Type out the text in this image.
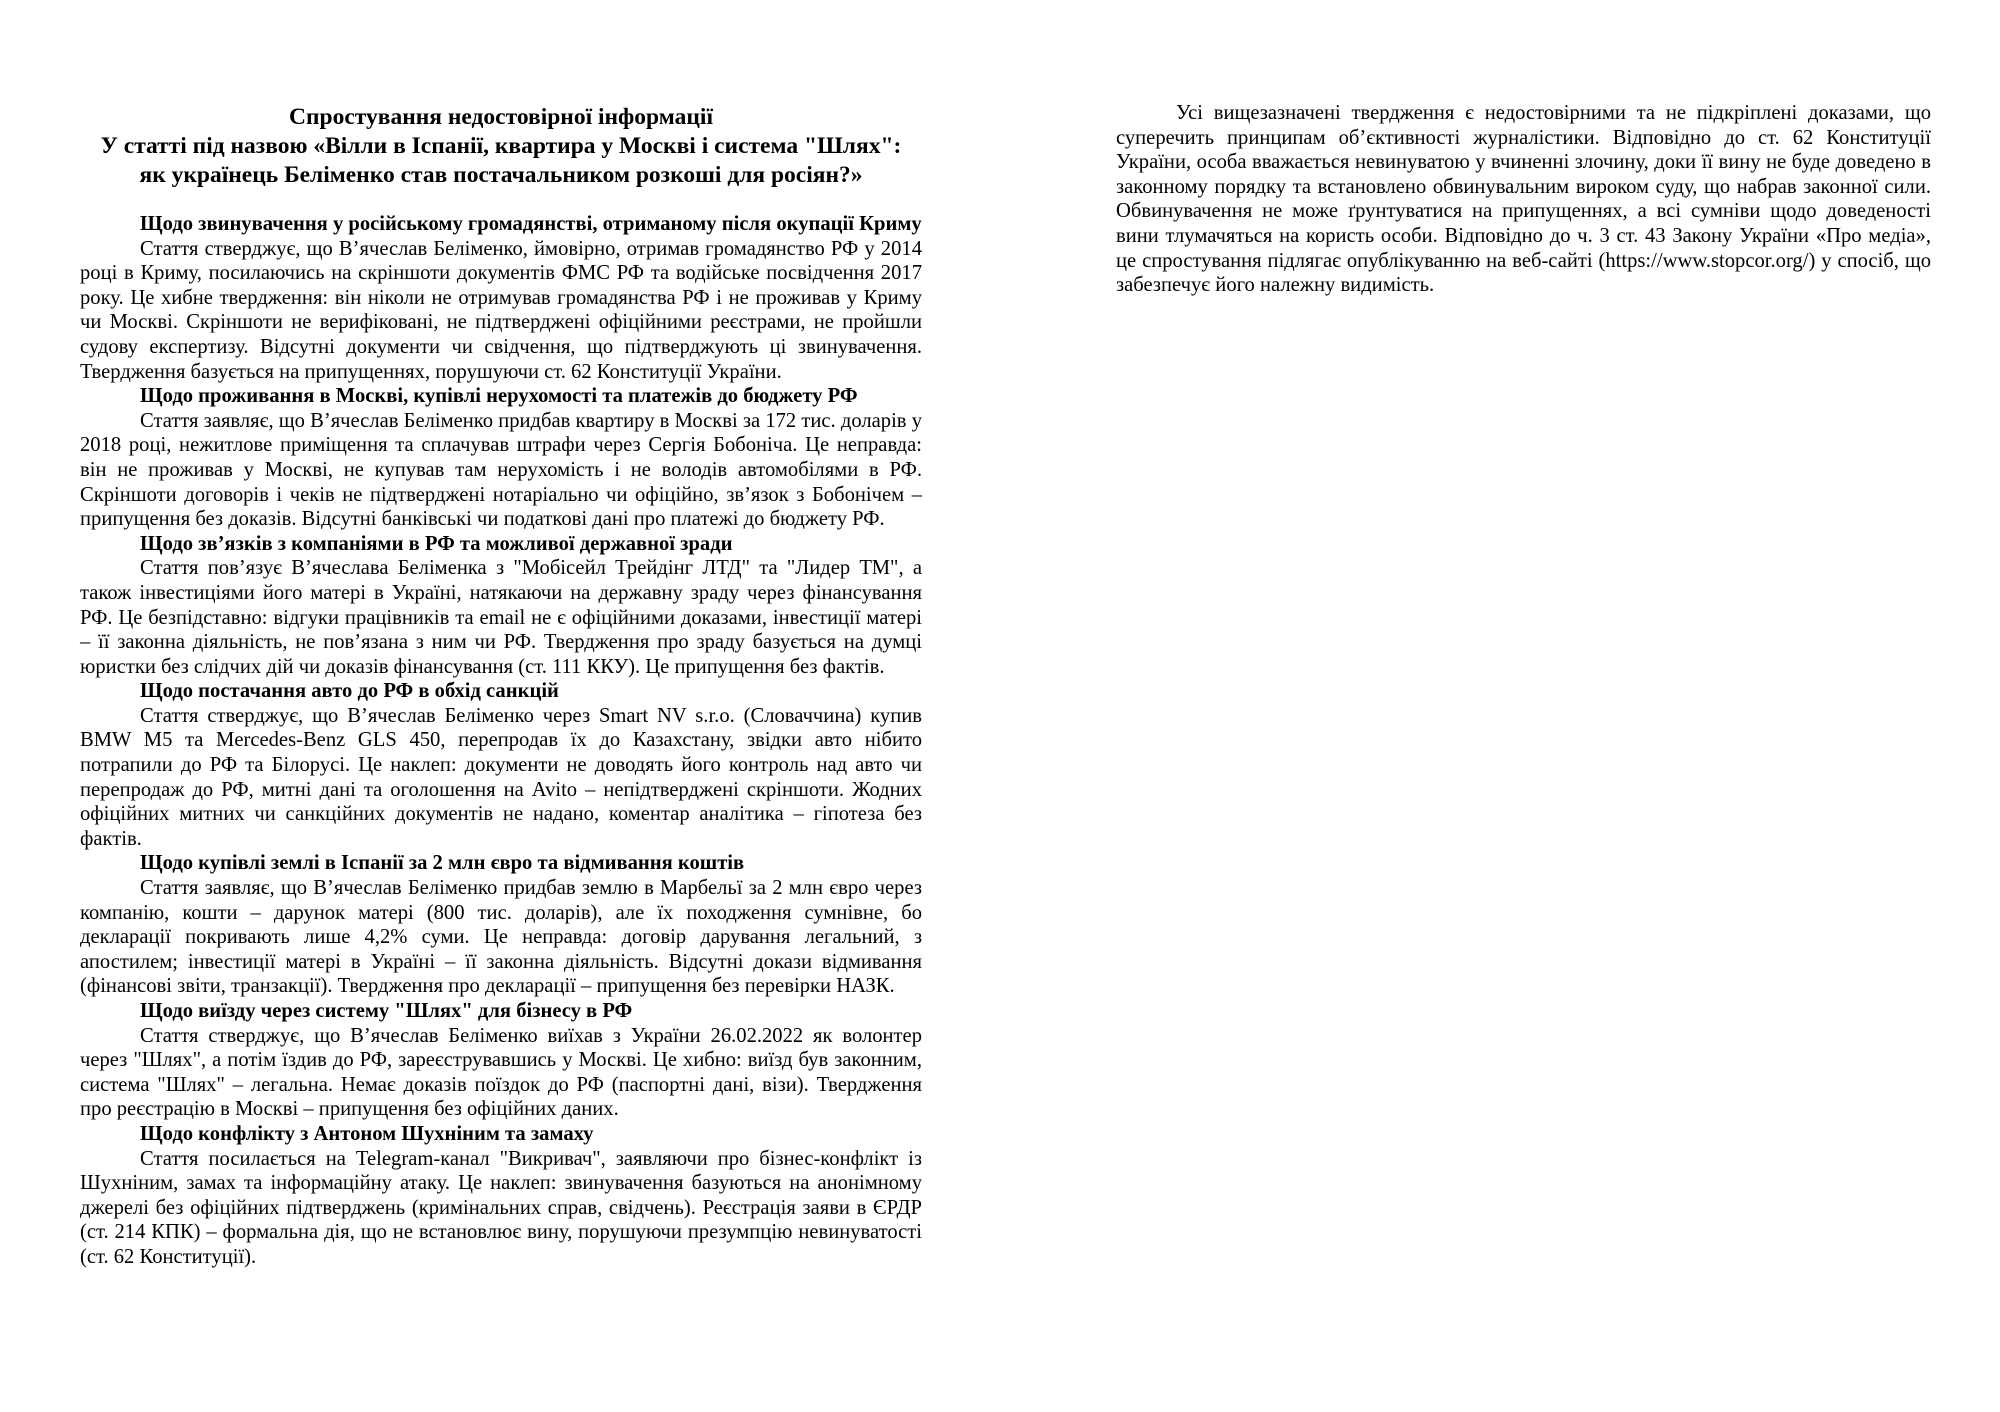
Спростування недостовірної інформації
У статті під назвою «Вілли в Іспанії, квартира у Москві і система "Шлях":
як українець Беліменко став постачальником розкоші для росіян?»
Щодо звинувачення у російському громадянстві, отриманому після окупації Криму

Стаття стверджує, що В’ячеслав Беліменко, ймовірно, отримав громадянство РФ у 2014 році в Криму, посилаючись на скріншоти документів ФМС РФ та водійське посвідчення 2017 року. Це хибне твердження: він ніколи не отримував громадянства РФ і не проживав у Криму чи Москві. Скріншоти не верифіковані, не підтверджені офіційними реєстрами, не пройшли судову експертизу. Відсутні документи чи свідчення, що підтверджують ці звинувачення. Твердження базується на припущеннях, порушуючи ст. 62 Конституції України.

Щодо проживання в Москві, купівлі нерухомості та платежів до бюджету РФ

Стаття заявляє, що В’ячеслав Беліменко придбав квартиру в Москві за 172 тис. доларів у 2018 році, нежитлове приміщення та сплачував штрафи через Сергія Бобоніча. Це неправда: він не проживав у Москві, не купував там нерухомість і не володів автомобілями в РФ. Скріншоти договорів і чеків не підтверджені нотаріально чи офіційно, зв’язок з Бобонічем – припущення без доказів. Відсутні банківські чи податкові дані про платежі до бюджету РФ.

Щодо зв’язків з компаніями в РФ та можливої державної зради

Стаття пов’язує В’ячеслава Беліменка з "Мобісейл Трейдінг ЛТД" та "Лидер ТМ", а також інвестиціями його матері в Україні, натякаючи на державну зраду через фінансування РФ. Це безпідставно: відгуки працівників та email не є офіційними доказами, інвестиції матері – її законна діяльність, не пов’язана з ним чи РФ. Твердження про зраду базується на думці юристки без слідчих дій чи доказів фінансування (ст. 111 ККУ). Це припущення без фактів.

Щодо постачання авто до РФ в обхід санкцій

Стаття стверджує, що В’ячеслав Беліменко через Smart NV s.r.o. (Словаччина) купив BMW M5 та Mercedes-Benz GLS 450, перепродав їх до Казахстану, звідки авто нібито потрапили до РФ та Білорусі. Це наклеп: документи не доводять його контроль над авто чи перепродаж до РФ, митні дані та оголошення на Avito – непідтверджені скріншоти. Жодних офіційних митних чи санкційних документів не надано, коментар аналітика – гіпотеза без фактів.

Щодо купівлі землі в Іспанії за 2 млн євро та відмивання коштів

Стаття заявляє, що В’ячеслав Беліменко придбав землю в Марбельї за 2 млн євро через компанію, кошти – дарунок матері (800 тис. доларів), але їх походження сумнівне, бо декларації покривають лише 4,2% суми. Це неправда: договір дарування легальний, з апостилем; інвестиції матері в Україні – її законна діяльність. Відсутні докази відмивання (фінансові звіти, транзакції). Твердження про декларації – припущення без перевірки НАЗК.

Щодо виїзду через систему "Шлях" для бізнесу в РФ

Стаття стверджує, що В’ячеслав Беліменко виїхав з України 26.02.2022 як волонтер через "Шлях", а потім їздив до РФ, зареєструвавшись у Москві. Це хибно: виїзд був законним, система "Шлях" – легальна. Немає доказів поїздок до РФ (паспортні дані, візи). Твердження про реєстрацію в Москві – припущення без офіційних даних.

Щодо конфлікту з Антоном Шухніним та замаху

Стаття посилається на Telegram-канал "Викривач", заявляючи про бізнес-конфлікт із Шухніним, замах та інформаційну атаку. Це наклеп: звинувачення базуються на анонімному джерелі без офіційних підтверджень (кримінальних справ, свідчень). Реєстрація заяви в ЄРДР (ст. 214 КПК) – формальна дія, що не встановлює вину, порушуючи презумпцію невинуватості (ст. 62 Конституції).

Усі вищезазначені твердження є недостовірними та не підкріплені доказами, що суперечить принципам об’єктивності журналістики. Відповідно до ст. 62 Конституції України, особа вважається невинуватою у вчиненні злочину, доки її вину не буде доведено в законному порядку та встановлено обвинувальним вироком суду, що набрав законної сили. Обвинувачення не може ґрунтуватися на припущеннях, а всі сумніви щодо доведеності вини тлумачяться на користь особи. Відповідно до ч. 3 ст. 43 Закону України «Про медіа», це спростування підлягає опублікуванню на веб-сайті (https://www.stopcor.org/) у спосіб, що забезпечує його належну видимість.
